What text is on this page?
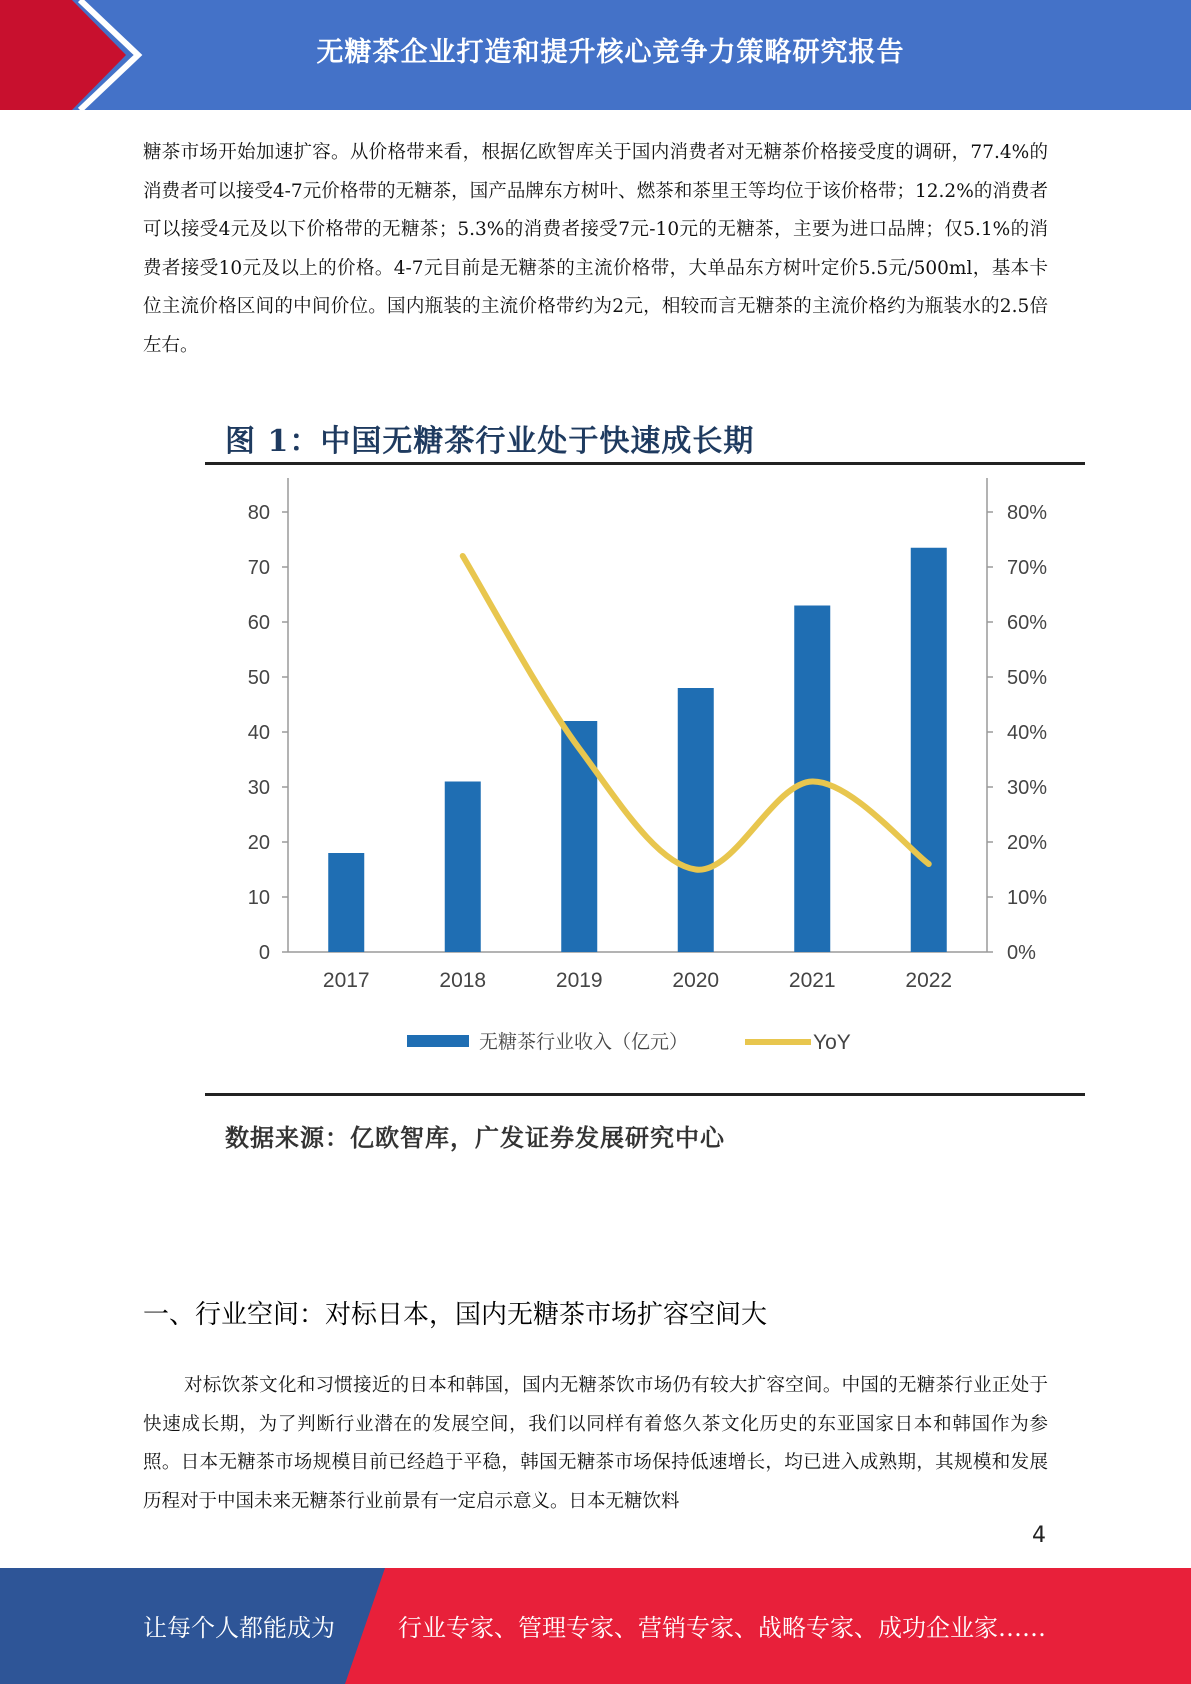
无糖茶企业打造和提升核心竞争力策略研究报告

糖茶市场开始加速扩容。从价格带来看，根据亿欧智库关于国内消费者对无糖茶价格接受度的调研，77.4%的消费者可以接受4-7元价格带的无糖茶，国产品牌东方树叶、燃茶和茶里王等均位于该价格带；12.2%的消费者可以接受4元及以下价格带的无糖茶；5.3%的消费者接受7元-10元的无糖茶，主要为进口品牌；仅5.1%的消费者接受10元及以上的价格。4-7元目前是无糖茶的主流价格带，大单品东方树叶定价5.5元/500ml，基本卡位主流价格区间的中间价位。国内瓶装的主流价格带约为2元，相较而言无糖茶的主流价格约为瓶装水的2.5倍左右。

图 1：中国无糖茶行业处于快速成长期
0
10
20
30
40
50
60
70
80
0%
10%
20%
30%
40%
50%
60%
70%
80%
2017	2018	2019	2020	2021	2022
无糖茶行业收入（亿元）	YoY
数据来源：亿欧智库，广发证券发展研究中心
一、行业空间：对标日本，国内无糖茶市场扩容空间大

对标饮茶文化和习惯接近的日本和韩国，国内无糖茶饮市场仍有较大扩容空间。中国的无糖茶行业正处于快速成长期，为了判断行业潜在的发展空间，我们以同样有着悠久茶文化历史的东亚国家日本和韩国作为参照。日本无糖茶市场规模目前已经趋于平稳，韩国无糖茶市场保持低速增长，均已进入成熟期，其规模和发展历程对于中国未来无糖茶行业前景有一定启示意义。日本无糖饮料

4
让每个人都能成为	行业专家、管理专家、营销专家、战略专家、成功企业家……
